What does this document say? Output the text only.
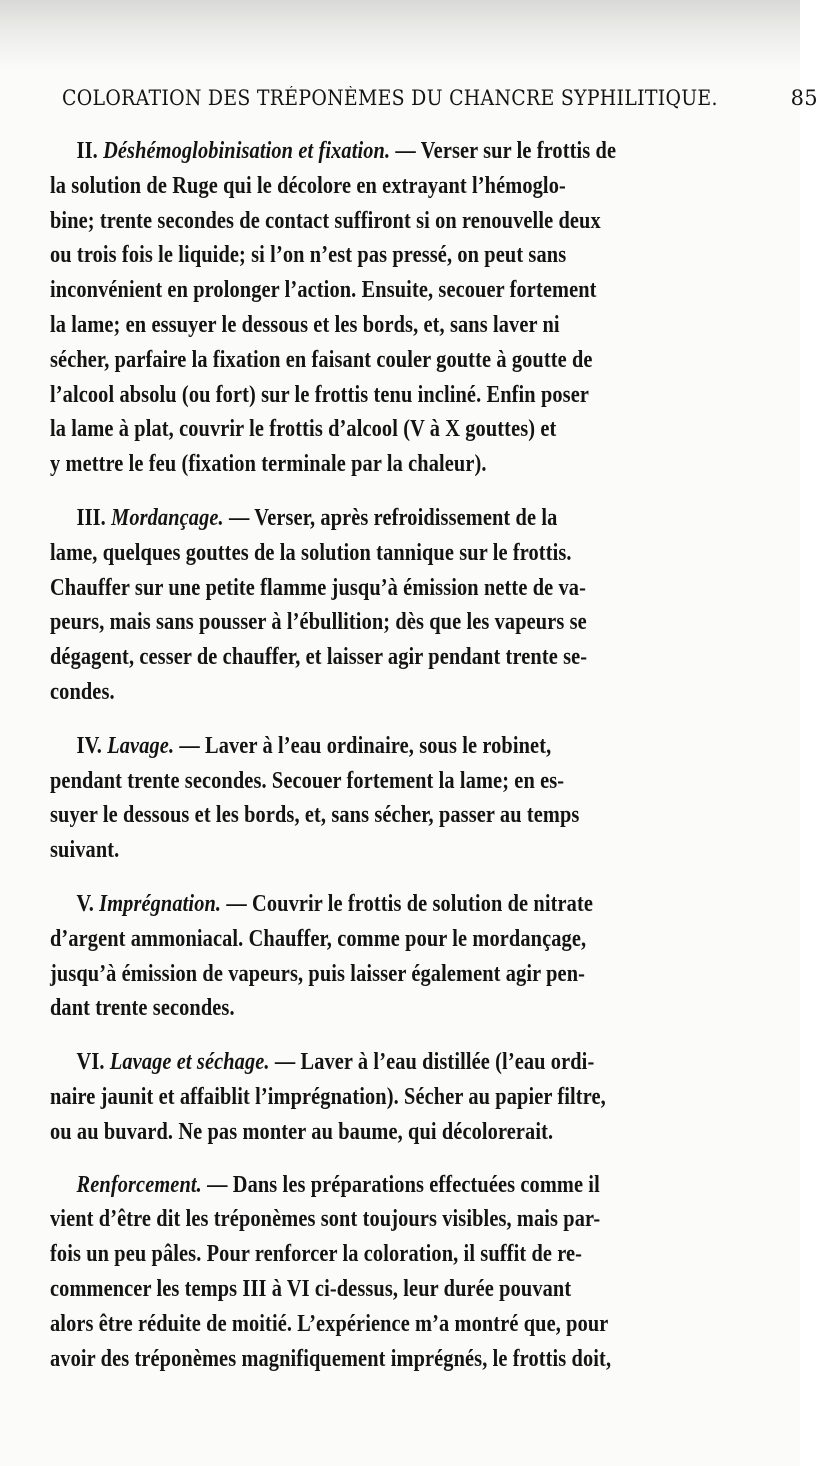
COLORATION DES TRÉPONÈMES DU CHANCRE SYPHILITIQUE.	85
II. Déshémoglobinisation et fixation. — Verser sur le frottis de
la solution de Ruge qui le décolore en extrayant l’hémoglo-
bine; trente secondes de contact suffiront si on renouvelle deux
ou trois fois le liquide; si l’on n’est pas pressé, on peut sans
inconvénient en prolonger l’action. Ensuite, secouer fortement
la lame; en essuyer le dessous et les bords, et, sans laver ni
sécher, parfaire la fixation en faisant couler goutte à goutte de
l’alcool absolu (ou fort) sur le frottis tenu incliné. Enfin poser
la lame à plat, couvrir le frottis d’alcool (V à X gouttes) et
y mettre le feu (fixation terminale par la chaleur).
III. Mordançage. — Verser, après refroidissement de la
lame, quelques gouttes de la solution tannique sur le frottis.
Chauffer sur une petite flamme jusqu’à émission nette de va-
peurs, mais sans pousser à l’ébullition; dès que les vapeurs se
dégagent, cesser de chauffer, et laisser agir pendant trente se-
condes.
IV. Lavage. — Laver à l’eau ordinaire, sous le robinet,
pendant trente secondes. Secouer fortement la lame; en es-
suyer le dessous et les bords, et, sans sécher, passer au temps
suivant.
V. Imprégnation. — Couvrir le frottis de solution de nitrate
d’argent ammoniacal. Chauffer, comme pour le mordançage,
jusqu’à émission de vapeurs, puis laisser également agir pen-
dant trente secondes.
VI. Lavage et séchage. — Laver à l’eau distillée (l’eau ordi-
naire jaunit et affaiblit l’imprégnation). Sécher au papier filtre,
ou au buvard. Ne pas monter au baume, qui décolorerait.
Renforcement. — Dans les préparations effectuées comme il
vient d’être dit les tréponèmes sont toujours visibles, mais par-
fois un peu pâles. Pour renforcer la coloration, il suffit de re-
commencer les temps III à VI ci-dessus, leur durée pouvant
alors être réduite de moitié. L’expérience m’a montré que, pour
avoir des tréponèmes magnifiquement imprégnés, le frottis doit,
